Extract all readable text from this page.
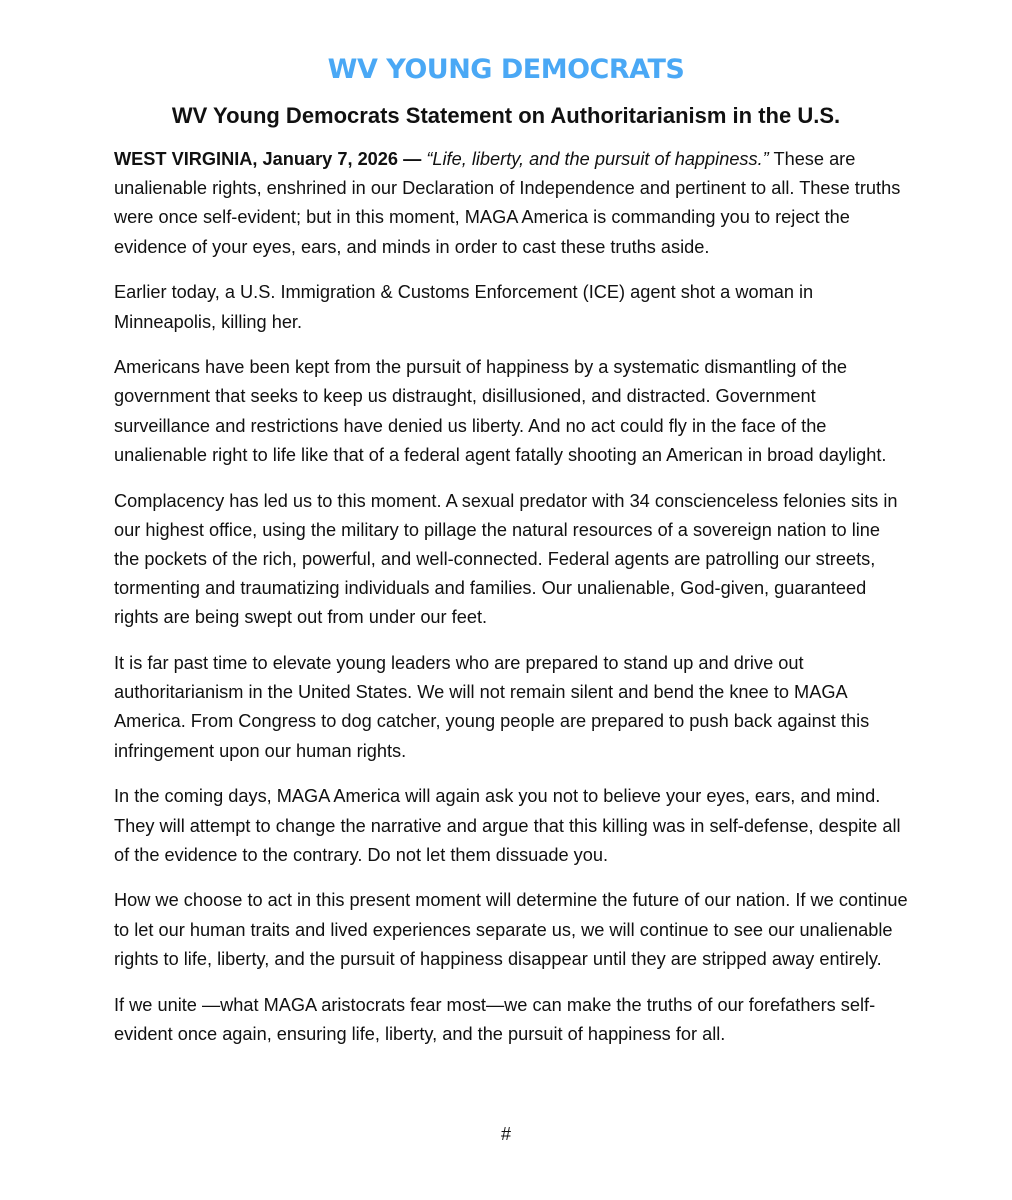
WV YOUNG DEMOCRATS
WV Young Democrats Statement on Authoritarianism in the U.S.

WEST VIRGINIA, January 7, 2026 — “Life, liberty, and the pursuit of happiness.” These are unalienable rights, enshrined in our Declaration of Independence and pertinent to all. These truths were once self-evident; but in this moment, MAGA America is commanding you to reject the evidence of your eyes, ears, and minds in order to cast these truths aside.

Earlier today, a U.S. Immigration & Customs Enforcement (ICE) agent shot a woman in Minneapolis, killing her.

Americans have been kept from the pursuit of happiness by a systematic dismantling of the government that seeks to keep us distraught, disillusioned, and distracted. Government surveillance and restrictions have denied us liberty. And no act could fly in the face of the unalienable right to life like that of a federal agent fatally shooting an American in broad daylight.

Complacency has led us to this moment. A sexual predator with 34 conscienceless felonies sits in our highest office, using the military to pillage the natural resources of a sovereign nation to line the pockets of the rich, powerful, and well-connected. Federal agents are patrolling our streets, tormenting and traumatizing individuals and families. Our unalienable, God-given, guaranteed rights are being swept out from under our feet.

It is far past time to elevate young leaders who are prepared to stand up and drive out authoritarianism in the United States. We will not remain silent and bend the knee to MAGA America. From Congress to dog catcher, young people are prepared to push back against this infringement upon our human rights.

In the coming days, MAGA America will again ask you not to believe your eyes, ears, and mind. They will attempt to change the narrative and argue that this killing was in self-defense, despite all of the evidence to the contrary. Do not let them dissuade you.

How we choose to act in this present moment will determine the future of our nation. If we continue to let our human traits and lived experiences separate us, we will continue to see our unalienable rights to life, liberty, and the pursuit of happiness disappear until they are stripped away entirely.

If we unite —what MAGA aristocrats fear most—we can make the truths of our forefathers self-evident once again, ensuring life, liberty, and the pursuit of happiness for all.

#
